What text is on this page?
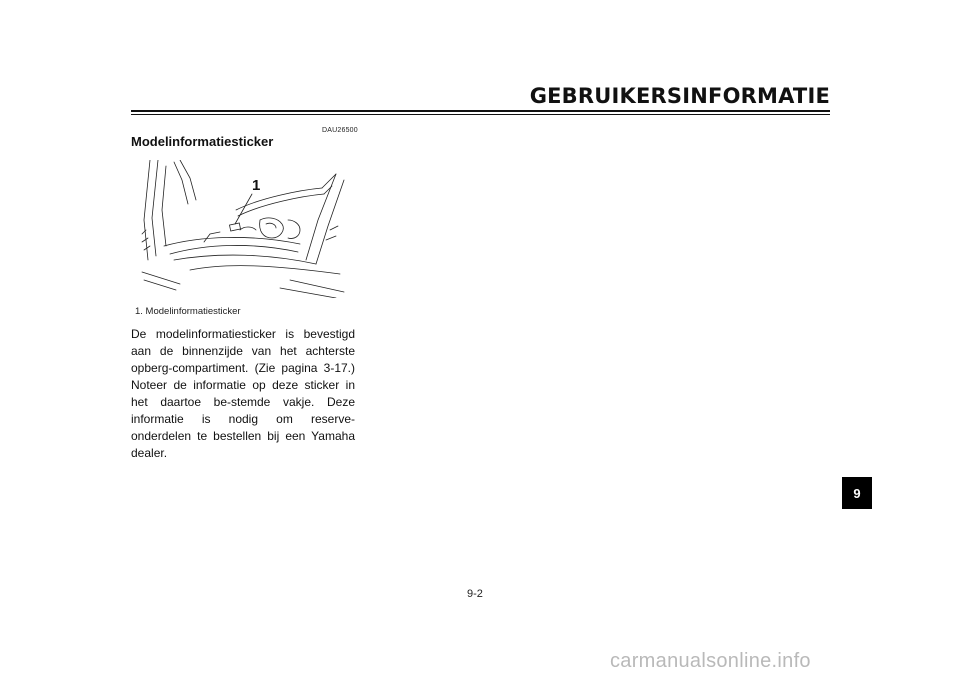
GEBRUIKERSINFORMATIE
DAU26500
Modelinformatiesticker
1
1. Modelinformatiesticker
De modelinformatiesticker is bevestigd aan de binnenzijde van het achterste opberg-compartiment. (Zie pagina 3-17.) Noteer de informatie op deze sticker in het daartoe be-stemde vakje. Deze informatie is nodig om reserve-onderdelen te bestellen bij een Yamaha dealer.
9
9-2
carmanualsonline.info
